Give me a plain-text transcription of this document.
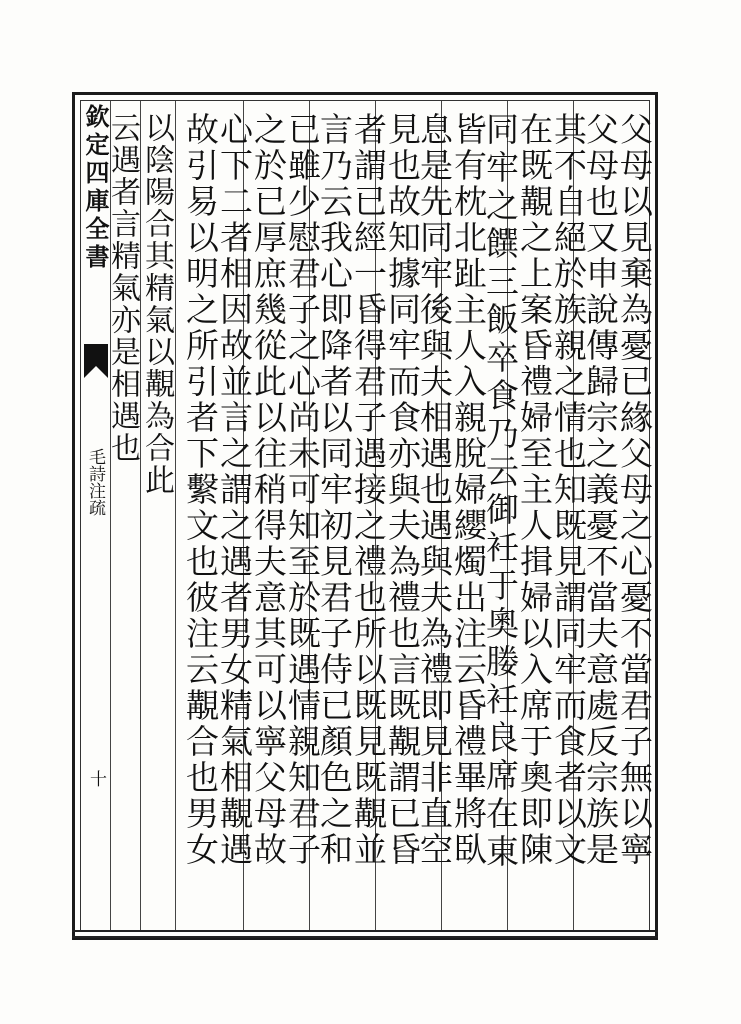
欽定四庫全書
毛詩注疏
十	父母以見棄為憂已緣父母之心憂不當君子無以寧
父母也又申說傳歸宗之義憂不當夫意處反宗族是
其不自絕於族親之情也知既見謂同牢而食者以文
在既覯之上案昏禮婦至主人揖婦以入席于奧即陳
同牢之饌三飯卒食乃云御衽于奧媵衽良席在東
皆有枕北趾主人入親脫婦纓燭出注云昏禮畢將臥
息是先同牢後與夫相遇也遇與夫為禮即見非直空
見也故知據同牢而食亦與夫為禮也言既覯謂已昏
者謂已經一昏得君子遇接之禮也所以既見既覯並
言乃云我心即降者以同牢初見君子侍已顏色之和
已雖少慰君子之心尚未可知至於既遇情親知君子
之於已厚庶幾從此以往稍得夫意其可以寧父母故
心下二者相因故並言之謂之遇者男女精氣相覯遇
故引易以明之所引者下繫文也彼注云覯合也男女
以陰陽合其精氣以覯為合此
云遇者言精氣亦是相遇也
